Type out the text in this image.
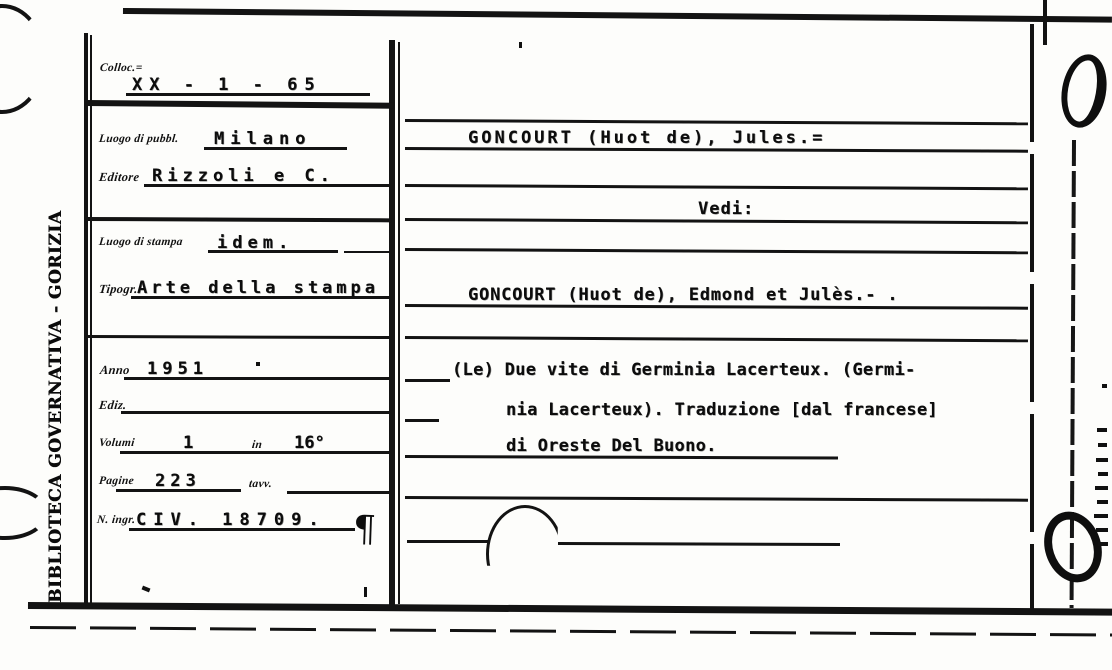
BIBLIOTECA GOVERNATIVA - GORIZIA	¶
Colloc.=
XX - 1 - 65
Luogo di pubbl. Milano
Editore Rizzoli e C.
Luogo di stampa idem.
Tipogr.
Arte della stampa
Anno 1951
Ediz.
Volumi	1	in 16°
Pagine 223	tavv.
N. ingr. CIV. 18709.
GONCOURT (Huot de), Jules.=
Vedi:
GONCOURT (Huot de), Edmond et Julès.- .
(Le) Due vite di Germinia Lacerteux. (Germi-
nia Lacerteux). Traduzione [dal francese]
di Oreste Del Buono.
